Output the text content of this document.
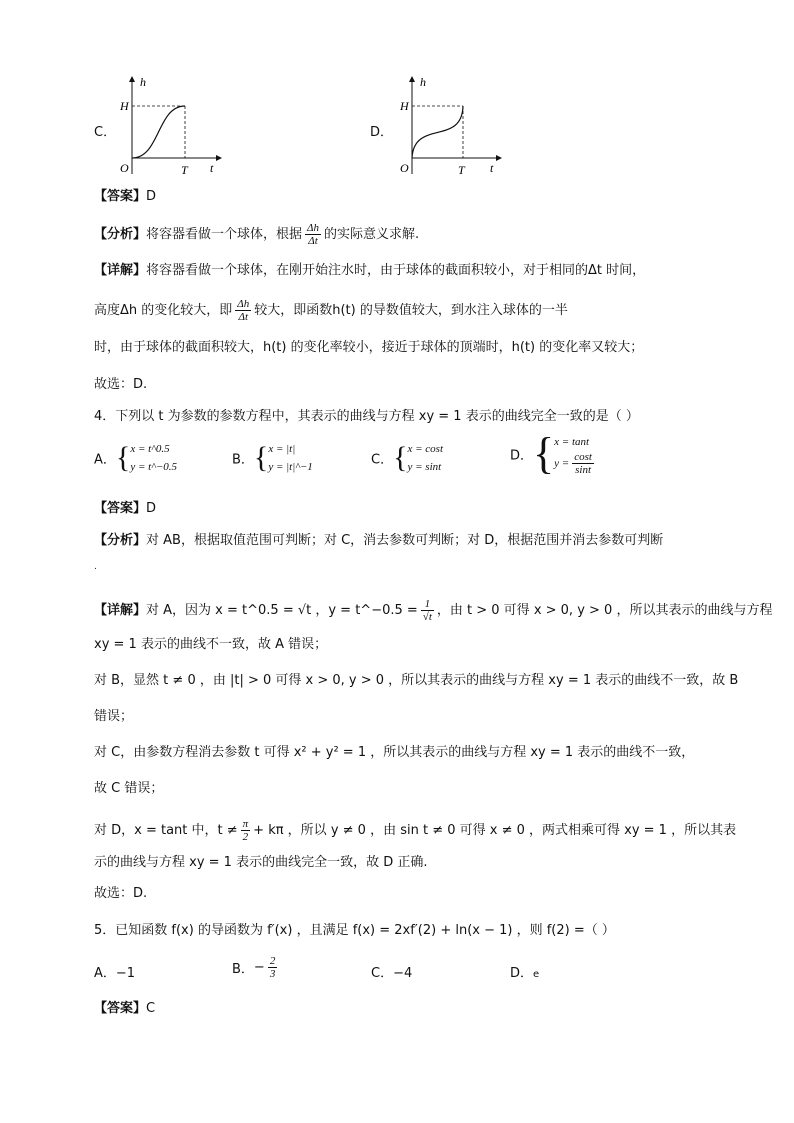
C．
h
H
O	T t
D．
h
H
O	T t
【答案】D
【分析】将容器看做一个球体，根据 $\frac{\Delta h}{\Delta t}$ 的实际意义求解.
【详解】将容器看做一个球体，在刚开始注水时，由于球体的截面积较小，对于相同的Δt 时间，
高度Δh 的变化较大，即 $\frac{\Delta h}{\Delta t}$ 较大，即函数h(t) 的导数值较大，到水注入球体的一半
时，由于球体的截面积较大，h(t) 的变化率较小，接近于球体的顶端时，h(t) 的变化率又较大；
故选：D.
4．下列以 t 为参数的参数方程中，其表示的曲线与方程 xy = 1 表示的曲线完全一致的是（ ）
A．{ x = t^0.5
y = t^−0.5	B．{ x = |t|
y = |t|^−1	C．{ x = cost
y = sint
D．{ x = tant
$y = \frac{\cos t}{\sin t}$
【答案】D
【分析】对 AB，根据取值范围可判断；对 C，消去参数可判断；对 D，根据范围并消去参数可判断
.
【详解】对 A，因为 x = t^0.5 = √t ，y = t^−0.5 = $\frac{1}{√t}$ ，由 t > 0 可得 x > 0, y > 0 ，所以其表示的曲线与方程
xy = 1 表示的曲线不一致，故 A 错误；
对 B，显然 t ≠ 0 ，由 |t| > 0 可得 x > 0, y > 0 ，所以其表示的曲线与方程 xy = 1 表示的曲线不一致，故 B
错误；
对 C，由参数方程消去参数 t 可得 x² + y² = 1 ，所以其表示的曲线与方程 xy = 1 表示的曲线不一致，
故 C 错误；
对 D，x = tant 中，$t \ne \frac{\pi}{2} + k\pi$ ，所以 y ≠ 0 ，由 sin t ≠ 0 可得 x ≠ 0 ，两式相乘可得 xy = 1 ，所以其表
示的曲线与方程 xy = 1 表示的曲线完全一致，故 D 正确.
故选：D.
5．已知函数 f(x) 的导函数为 f′(x) ，且满足 f(x) = 2xf′(2) + ln(x − 1) ，则 f(2) =（ ）
A．−1	B．− $\frac{2}{3}$	C．−4	D．e
【答案】C
